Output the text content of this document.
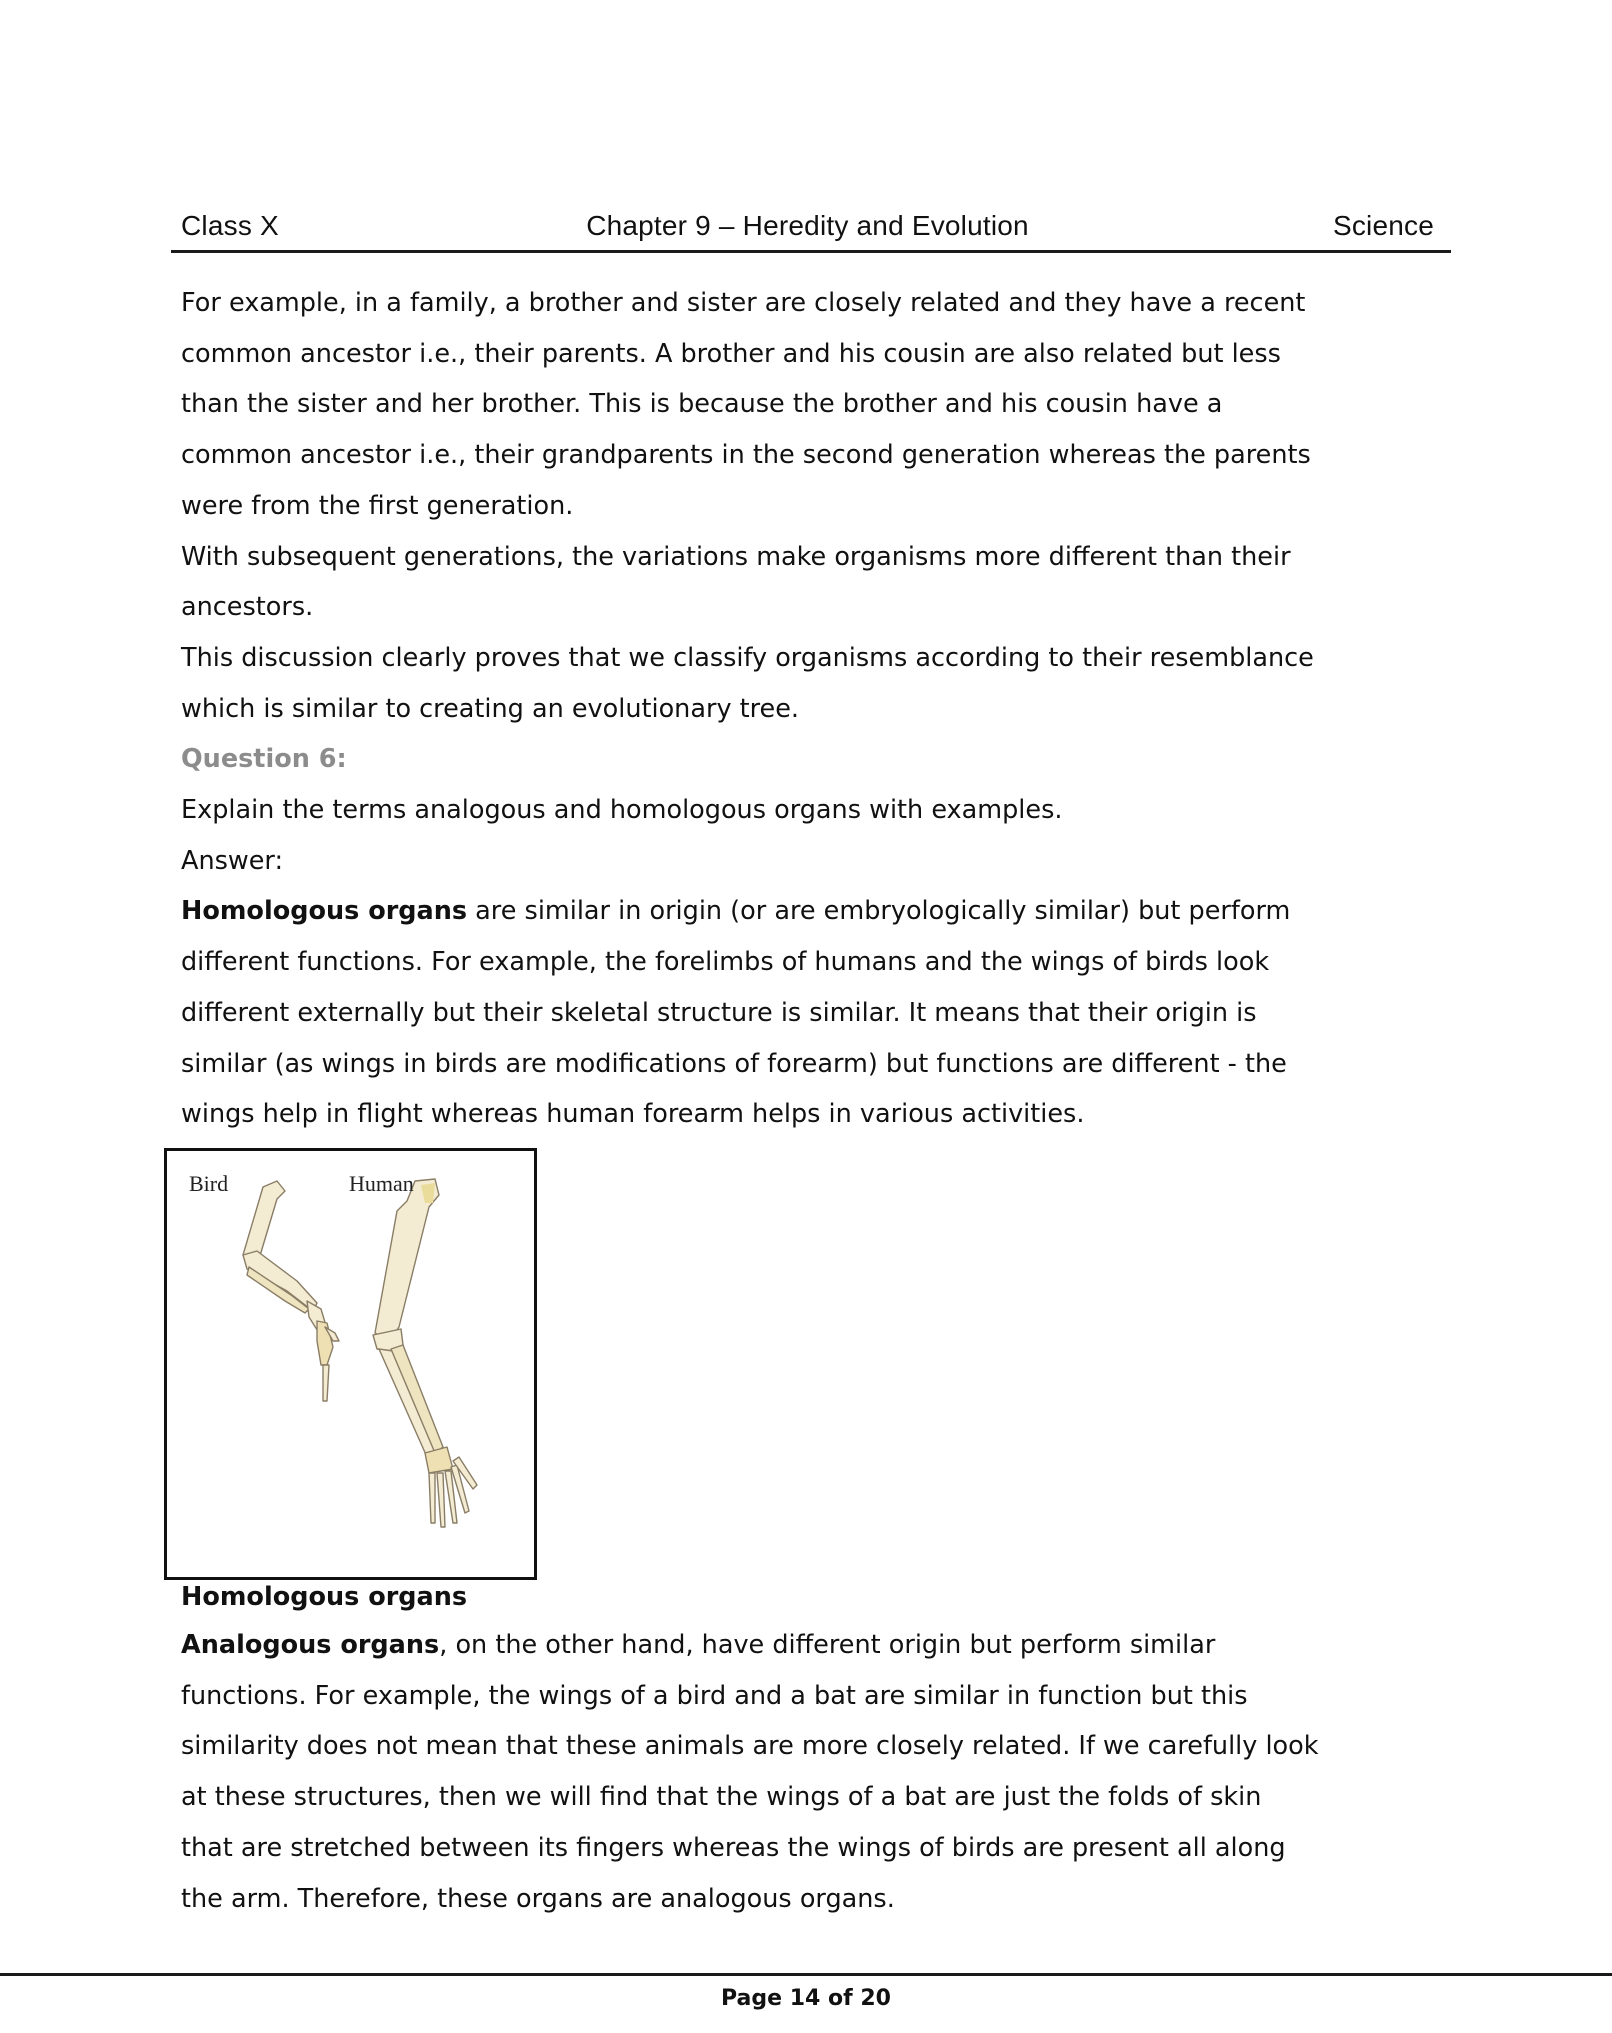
Class X	Chapter 9 – Heredity and Evolution	Science

For example, in a family, a brother and sister are closely related and they have a recent

common ancestor i.e., their parents. A brother and his cousin are also related but less

than the sister and her brother. This is because the brother and his cousin have a

common ancestor i.e., their grandparents in the second generation whereas the parents

were from the first generation.

With subsequent generations, the variations make organisms more different than their

ancestors.

This discussion clearly proves that we classify organisms according to their resemblance

which is similar to creating an evolutionary tree.

Question 6:

Explain the terms analogous and homologous organs with examples.

Answer:

Homologous organs are similar in origin (or are embryologically similar) but perform

different functions. For example, the forelimbs of humans and the wings of birds look

different externally but their skeletal structure is similar. It means that their origin is

similar (as wings in birds are modifications of forearm) but functions are different - the

wings help in flight whereas human forearm helps in various activities.

Bird	Human
Homologous organs

Analogous organs, on the other hand, have different origin but perform similar

functions. For example, the wings of a bird and a bat are similar in function but this

similarity does not mean that these animals are more closely related. If we carefully look

at these structures, then we will find that the wings of a bat are just the folds of skin

that are stretched between its fingers whereas the wings of birds are present all along

the arm. Therefore, these organs are analogous organs.

Page 14 of 20
